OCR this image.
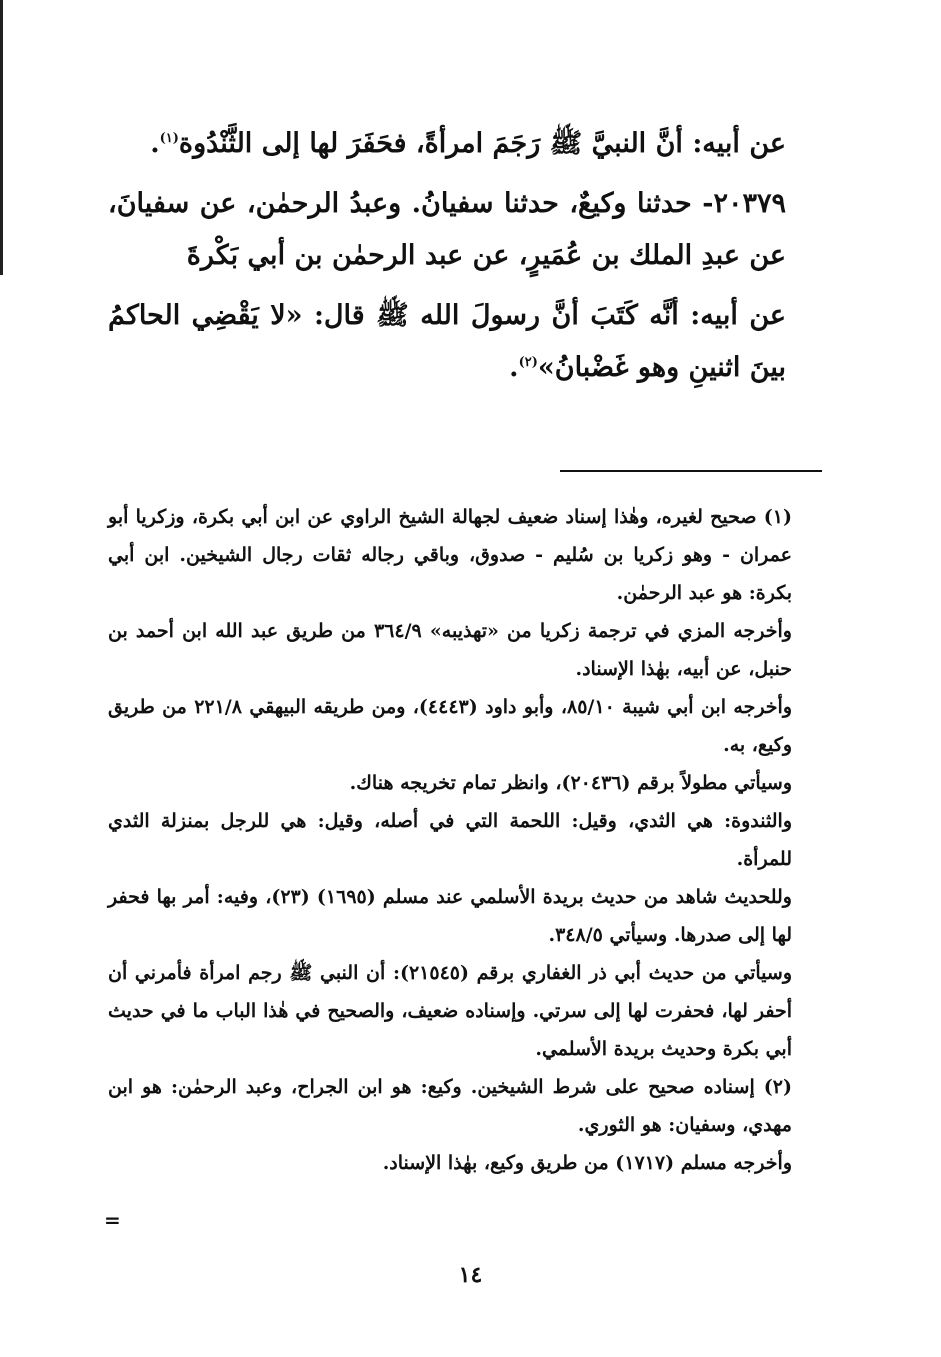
عن أبيه: أنَّ النبيَّ ﷺ رَجَمَ امرأةً، فحَفَرَ لها إلى الثَّنْدُوة$^{(١)}$.

٢٠٣٧٩- حدثنا وكيعٌ، حدثنا سفيانُ. وعبدُ الرحمٰن، عن سفيانَ، عن عبدِ الملك بن عُمَيرٍ، عن عبد الرحمٰن بن أبي بَكْرةَ

عن أبيه: أنَّه كَتَبَ أنَّ رسولَ الله ﷺ قال: «لا يَقْضِي الحاكمُ بينَ اثنينِ وهو غَضْبانُ»$^{(٢)}$.

(١) صحيح لغيره، وهٰذا إسناد ضعيف لجهالة الشيخ الراوي عن ابن أبي بكرة، وزكريا أبو عمران - وهو زكريا بن سُليم - صدوق، وباقي رجاله ثقات رجال الشيخين. ابن أبي بكرة: هو عبد الرحمٰن.

وأخرجه المزي في ترجمة زكريا من «تهذيبه» ٣٦٤/٩ من طريق عبد الله ابن أحمد بن حنبل، عن أبيه، بهٰذا الإسناد.

وأخرجه ابن أبي شيبة ٨٥/١٠، وأبو داود (٤٤٤٣)، ومن طريقه البيهقي ٢٢١/٨ من طريق وكيع، به.

وسيأتي مطولاً برقم (٢٠٤٣٦)، وانظر تمام تخريجه هناك.

والثندوة: هي الثدي، وقيل: اللحمة التي في أصله، وقيل: هي للرجل بمنزلة الثدي للمرأة.

وللحديث شاهد من حديث بريدة الأسلمي عند مسلم (١٦٩٥) (٢٣)، وفيه: أمر بها فحفر لها إلى صدرها. وسيأتي ٣٤٨/٥.

وسيأتي من حديث أبي ذر الغفاري برقم (٢١٥٤٥): أن النبي ﷺ رجم امرأة فأمرني أن أحفر لها، فحفرت لها إلى سرتي. وإسناده ضعيف، والصحيح في هٰذا الباب ما في حديث أبي بكرة وحديث بريدة الأسلمي.

(٢) إسناده صحيح على شرط الشيخين. وكيع: هو ابن الجراح، وعبد الرحمٰن: هو ابن مهدي، وسفيان: هو الثوري.

وأخرجه مسلم (١٧١٧) من طريق وكيع، بهٰذا الإسناد.

=
١٤
